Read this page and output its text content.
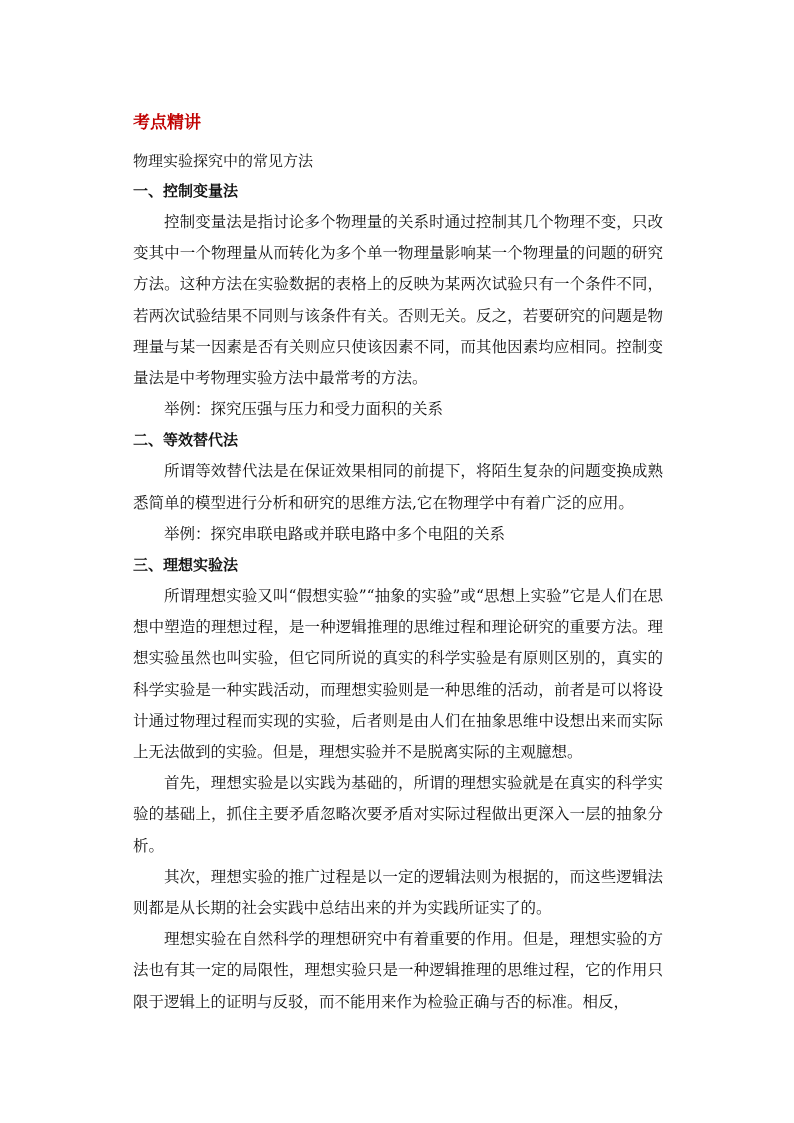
考点精讲
物理实验探究中的常见方法
一、控制变量法

控制变量法是指讨论多个物理量的关系时通过控制其几个物理不变，只改变其中一个物理量从而转化为多个单一物理量影响某一个物理量的问题的研究方法。这种方法在实验数据的表格上的反映为某两次试验只有一个条件不同，若两次试验结果不同则与该条件有关。否则无关。反之，若要研究的问题是物理量与某一因素是否有关则应只使该因素不同，而其他因素均应相同。控制变量法是中考物理实验方法中最常考的方法。

举例：探究压强与压力和受力面积的关系

二、等效替代法

所谓等效替代法是在保证效果相同的前提下，将陌生复杂的问题变换成熟悉简单的模型进行分析和研究的思维方法,它在物理学中有着广泛的应用。

举例：探究串联电路或并联电路中多个电阻的关系

三、理想实验法

所谓理想实验又叫“假想实验”“抽象的实验”或“思想上实验”它是人们在思想中塑造的理想过程，是一种逻辑推理的思维过程和理论研究的重要方法。理想实验虽然也叫实验，但它同所说的真实的科学实验是有原则区别的，真实的科学实验是一种实践活动，而理想实验则是一种思维的活动，前者是可以将设计通过物理过程而实现的实验，后者则是由人们在抽象思维中设想出来而实际上无法做到的实验。但是，理想实验并不是脱离实际的主观臆想。

首先，理想实验是以实践为基础的，所谓的理想实验就是在真实的科学实验的基础上，抓住主要矛盾忽略次要矛盾对实际过程做出更深入一层的抽象分析。

其次，理想实验的推广过程是以一定的逻辑法则为根据的，而这些逻辑法则都是从长期的社会实践中总结出来的并为实践所证实了的。

理想实验在自然科学的理想研究中有着重要的作用。但是，理想实验的方法也有其一定的局限性，理想实验只是一种逻辑推理的思维过程，它的作用只限于逻辑上的证明与反驳，而不能用来作为检验正确与否的标准。相反，
